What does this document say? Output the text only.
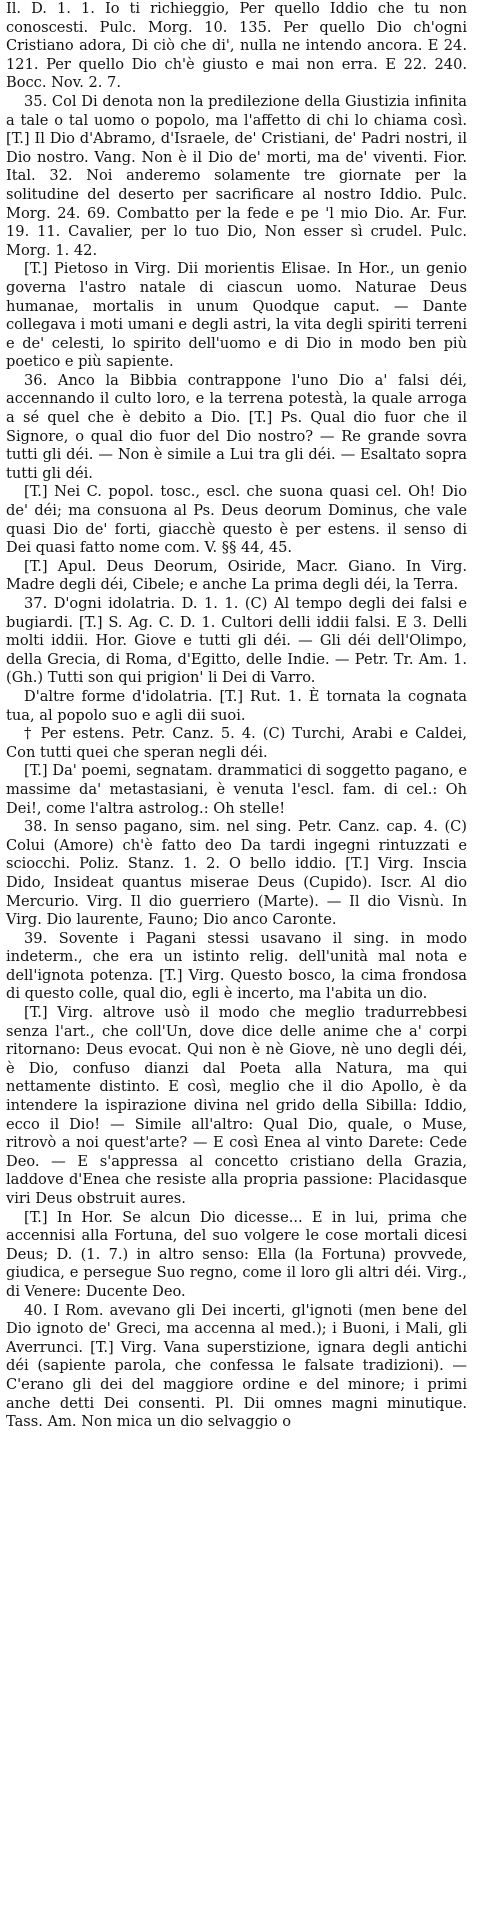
Il. D. 1. 1. Io ti richieggio, Per quello Iddio che tu non conoscesti. Pulc. Morg. 10. 135. Per quello Dio ch'ogni Cristiano adora, Di ciò che di', nulla ne intendo ancora. E 24. 121. Per quello Dio ch'è giusto e mai non erra. E 22. 240. Bocc. Nov. 2. 7.

35. Col Di denota non la predilezione della Giustizia infinita a tale o tal uomo o popolo, ma l'affetto di chi lo chiama così. [T.] Il Dio d'Abramo, d'Israele, de' Cristiani, de' Padri nostri, il Dio nostro. Vang. Non è il Dio de' morti, ma de' viventi. Fior. Ital. 32. Noi anderemo solamente tre giornate per la solitudine del deserto per sacrificare al nostro Iddio. Pulc. Morg. 24. 69. Combatto per la fede e pe 'l mio Dio. Ar. Fur. 19. 11. Cavalier, per lo tuo Dio, Non esser sì crudel. Pulc. Morg. 1. 42.

[T.] Pietoso in Virg. Dii morientis Elisae. In Hor., un genio governa l'astro natale di ciascun uomo. Naturae Deus humanae, mortalis in unum Quodque caput. — Dante collegava i moti umani e degli astri, la vita degli spiriti terreni e de' celesti, lo spirito dell'uomo e di Dio in modo ben più poetico e più sapiente.

36. Anco la Bibbia contrappone l'uno Dio a' falsi déi, accennando il culto loro, e la terrena potestà, la quale arroga a sé quel che è debito a Dio. [T.] Ps. Qual dio fuor che il Signore, o qual dio fuor del Dio nostro? — Re grande sovra tutti gli déi. — Non è simile a Lui tra gli déi. — Esaltato sopra tutti gli déi.

[T.] Nei C. popol. tosc., escl. che suona quasi cel. Oh! Dio de' déi; ma consuona al Ps. Deus deorum Dominus, che vale quasi Dio de' forti, giacchè questo è per estens. il senso di Dei quasi fatto nome com. V. §§ 44, 45.

[T.] Apul. Deus Deorum, Osiride, Macr. Giano. In Virg. Madre degli déi, Cibele; e anche La prima degli déi, la Terra.

37. D'ogni idolatria. D. 1. 1. (C) Al tempo degli dei falsi e bugiardi. [T.] S. Ag. C. D. 1. Cultori delli iddii falsi. E 3. Delli molti iddii. Hor. Giove e tutti gli déi. — Gli déi dell'Olimpo, della Grecia, di Roma, d'Egitto, delle Indie. — Petr. Tr. Am. 1. (Gh.) Tutti son qui prigion' li Dei di Varro.

D'altre forme d'idolatria. [T.] Rut. 1. È tornata la cognata tua, al popolo suo e agli dii suoi.

† Per estens. Petr. Canz. 5. 4. (C) Turchi, Arabi e Caldei, Con tutti quei che speran negli déi.

[T.] Da' poemi, segnatam. drammatici di soggetto pagano, e massime da' metastasiani, è venuta l'escl. fam. di cel.: Oh Dei!, come l'altra astrolog.: Oh stelle!

38. In senso pagano, sim. nel sing. Petr. Canz. cap. 4. (C) Colui (Amore) ch'è fatto deo Da tardi ingegni rintuzzati e sciocchi. Poliz. Stanz. 1. 2. O bello iddio. [T.] Virg. Inscia Dido, Insideat quantus miserae Deus (Cupido). Iscr. Al dio Mercurio. Virg. Il dio guerriero (Marte). — Il dio Visnù. In Virg. Dio laurente, Fauno; Dio anco Caronte.

39. Sovente i Pagani stessi usavano il sing. in modo indeterm., che era un istinto relig. dell'unità mal nota e dell'ignota potenza. [T.] Virg. Questo bosco, la cima frondosa di questo colle, qual dio, egli è incerto, ma l'abita un dio.

[T.] Virg. altrove usò il modo che meglio tradurrebbesi senza l'art., che coll'Un, dove dice delle anime che a' corpi ritornano: Deus evocat. Qui non è nè Giove, nè uno degli déi, è Dio, confuso dianzi dal Poeta alla Natura, ma qui nettamente distinto. E così, meglio che il dio Apollo, è da intendere la ispirazione divina nel grido della Sibilla: Iddio, ecco il Dio! — Simile all'altro: Qual Dio, quale, o Muse, ritrovò a noi quest'arte? — E così Enea al vinto Darete: Cede Deo. — E s'appressa al concetto cristiano della Grazia, laddove d'Enea che resiste alla propria passione: Placidasque viri Deus obstruit aures.

[T.] In Hor. Se alcun Dio dicesse... E in lui, prima che accennisi alla Fortuna, del suo volgere le cose mortali dicesi Deus; D. (1. 7.) in altro senso: Ella (la Fortuna) provvede, giudica, e persegue Suo regno, come il loro gli altri déi. Virg., di Venere: Ducente Deo.

40. I Rom. avevano gli Dei incerti, gl'ignoti (men bene del Dio ignoto de' Greci, ma accenna al med.); i Buoni, i Mali, gli Averrunci. [T.] Virg. Vana superstizione, ignara degli antichi déi (sapiente parola, che confessa le falsate tradizioni). — C'erano gli dei del maggiore ordine e del minore; i primi anche detti Dei consenti. Pl. Dii omnes magni minutique. Tass. Am. Non mica un dio selvaggio o
